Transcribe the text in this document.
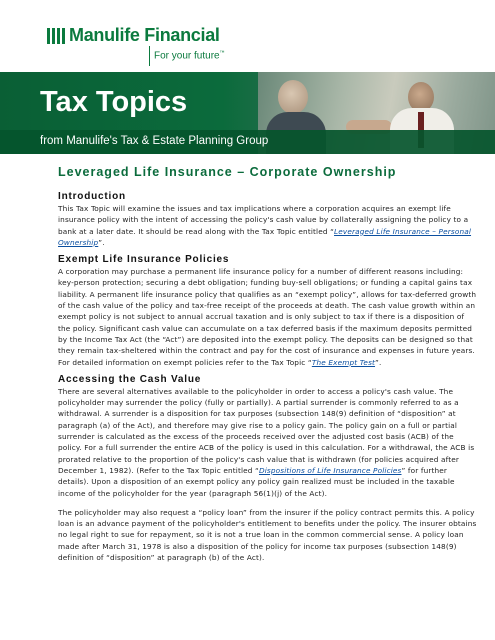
Manulife Financial
For your future™
Tax Topics
from Manulife's Tax & Estate Planning Group
Leveraged Life Insurance – Corporate Ownership
Introduction

This Tax Topic will examine the issues and tax implications where a corporation acquires an exempt life insurance policy with the intent of accessing the policy's cash value by collaterally assigning the policy to a bank at a later date. It should be read along with the Tax Topic entitled “Leveraged Life Insurance – Personal Ownership”.

Exempt Life Insurance Policies

A corporation may purchase a permanent life insurance policy for a number of different reasons including: key-person protection; securing a debt obligation; funding buy-sell obligations; or funding a capital gains tax liability. A permanent life insurance policy that qualifies as an “exempt policy”, allows for tax-deferred growth of the cash value of the policy and tax-free receipt of the proceeds at death. The cash value growth within an exempt policy is not subject to annual accrual taxation and is only subject to tax if there is a disposition of the policy. Significant cash value can accumulate on a tax deferred basis if the maximum deposits permitted by the Income Tax Act (the “Act”) are deposited into the exempt policy. The deposits can be designed so that they remain tax-sheltered within the contract and pay for the cost of insurance and expenses in future years. For detailed information on exempt policies refer to the Tax Topic “The Exempt Test”.

Accessing the Cash Value

There are several alternatives available to the policyholder in order to access a policy's cash value. The policyholder may surrender the policy (fully or partially). A partial surrender is commonly referred to as a withdrawal. A surrender is a disposition for tax purposes (subsection 148(9) definition of “disposition” at paragraph (a) of the Act), and therefore may give rise to a policy gain. The policy gain on a full or partial surrender is calculated as the excess of the proceeds received over the adjusted cost basis (ACB) of the policy. For a full surrender the entire ACB of the policy is used in this calculation. For a withdrawal, the ACB is prorated relative to the proportion of the policy's cash value that is withdrawn (for policies acquired after December 1, 1982). (Refer to the Tax Topic entitled “Dispositions of Life Insurance Policies” for further details). Upon a disposition of an exempt policy any policy gain realized must be included in the taxable income of the policyholder for the year (paragraph 56(1)(j) of the Act).

The policyholder may also request a “policy loan” from the insurer if the policy contract permits this. A policy loan is an advance payment of the policyholder's entitlement to benefits under the policy. The insurer obtains no legal right to sue for repayment, so it is not a true loan in the common commercial sense. A policy loan made after March 31, 1978 is also a disposition of the policy for income tax purposes (subsection 148(9) definition of “disposition” at paragraph (b) of the Act).
